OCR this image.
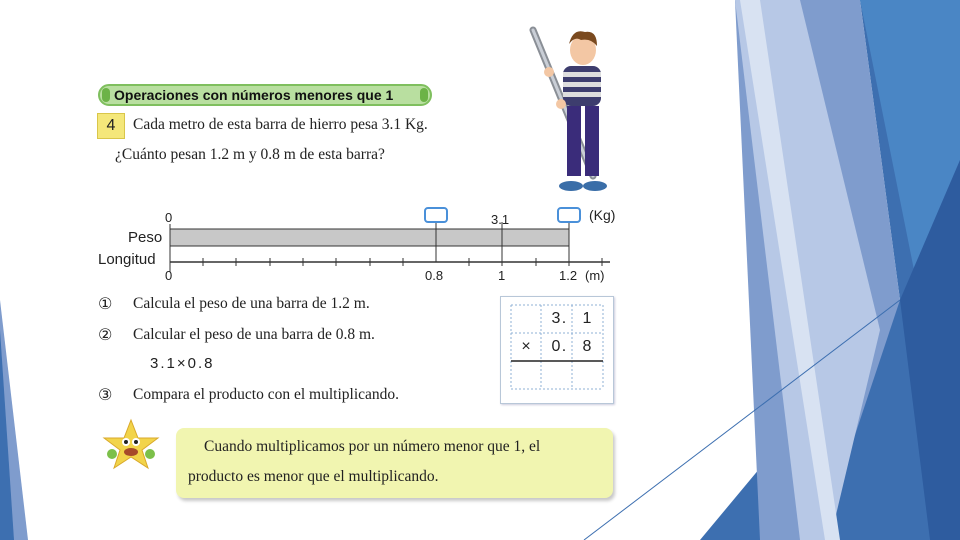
Operaciones con números menores que 1
4	Cada metro de esta barra de hierro pesa 3.1 Kg.
¿Cuánto pesan 1.2 m y 0.8 m de esta barra?
0	3.1	(Kg)
Peso
Longitud
0	0.8	1	1.2 (m)
① Calcula el peso de una barra de 1.2 m.
② Calcular el peso de una barra de 0.8 m.
3.1×0.8
③ Compara el producto con el multiplicando.
3 .	1
×	0 .	8
Cuando multiplicamos por un número menor que 1, el
producto es menor que el multiplicando.
